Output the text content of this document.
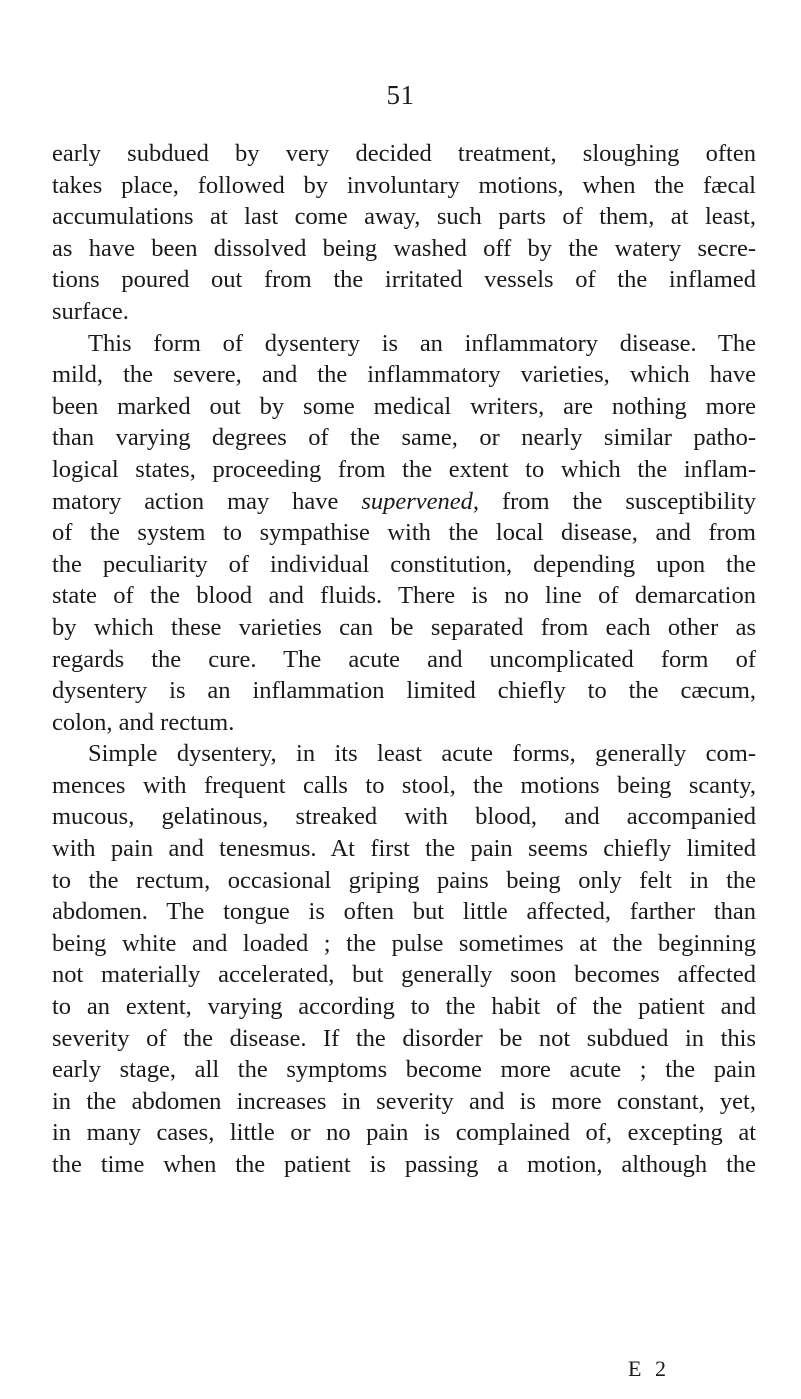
51
early subdued by very decided treatment, sloughing often
takes place, followed by involuntary motions, when the fæcal
accumulations at last come away, such parts of them, at least,
as have been dissolved being washed off by the watery secre-
tions poured out from the irritated vessels of the inflamed
surface.
This form of dysentery is an inflammatory disease. The
mild, the severe, and the inflammatory varieties, which have
been marked out by some medical writers, are nothing more
than varying degrees of the same, or nearly similar patho-
logical states, proceeding from the extent to which the inflam-
matory action may have supervened, from the susceptibility
of the system to sympathise with the local disease, and from
the peculiarity of individual constitution, depending upon the
state of the blood and fluids. There is no line of demarcation
by which these varieties can be separated from each other as
regards the cure. The acute and uncomplicated form of
dysentery is an inflammation limited chiefly to the cæcum,
colon, and rectum.
Simple dysentery, in its least acute forms, generally com-
mences with frequent calls to stool, the motions being scanty,
mucous, gelatinous, streaked with blood, and accompanied
with pain and tenesmus. At first the pain seems chiefly limited
to the rectum, occasional griping pains being only felt in the
abdomen. The tongue is often but little affected, farther than
being white and loaded ; the pulse sometimes at the beginning
not materially accelerated, but generally soon becomes affected
to an extent, varying according to the habit of the patient and
severity of the disease. If the disorder be not subdued in this
early stage, all the symptoms become more acute ; the pain
in the abdomen increases in severity and is more constant, yet,
in many cases, little or no pain is complained of, excepting at
the time when the patient is passing a motion, although the
E 2
